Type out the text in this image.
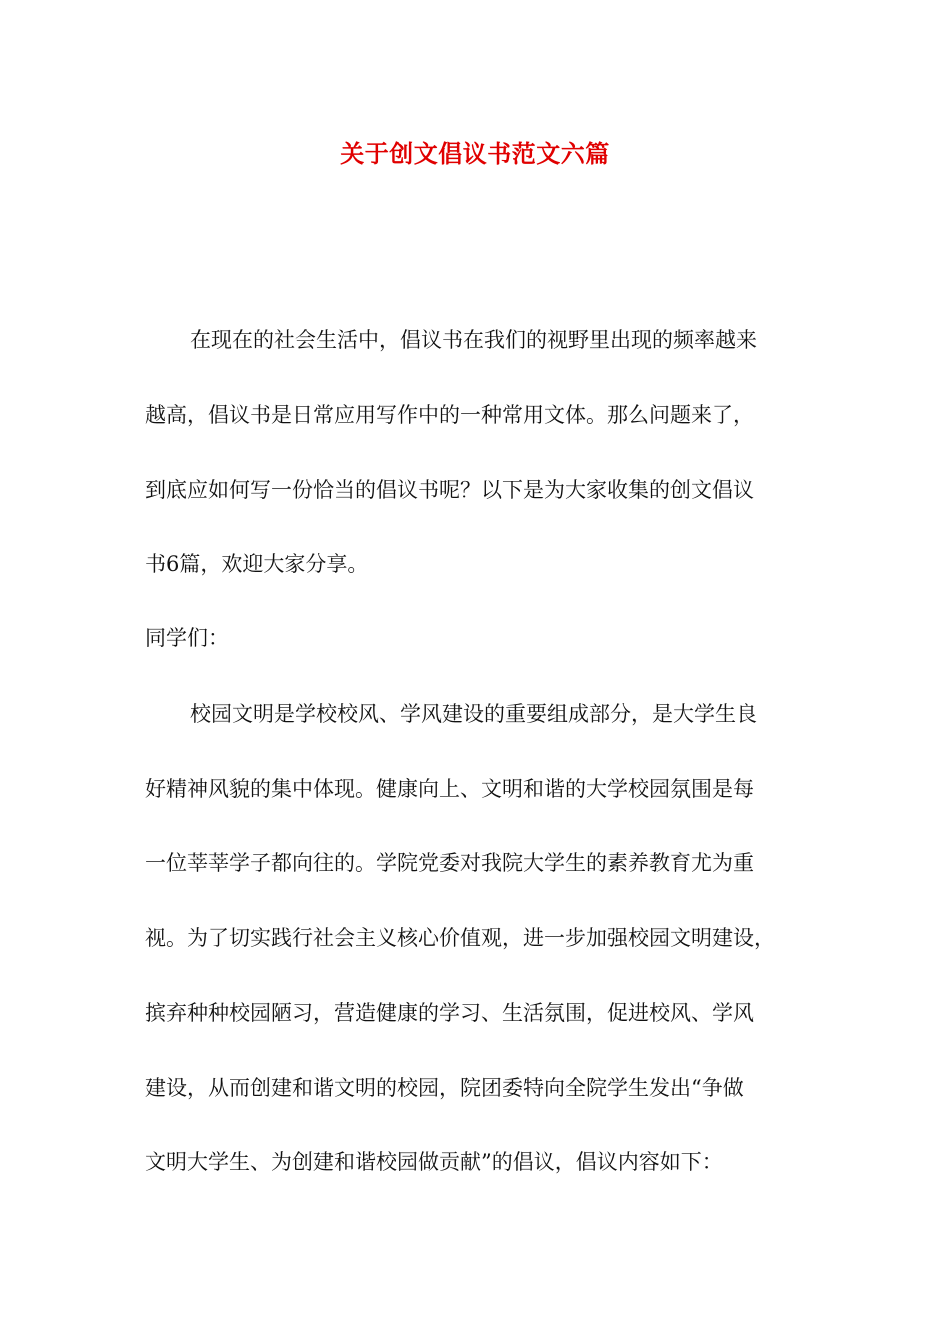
关于创文倡议书范文六篇
在现在的社会生活中，倡议书在我们的视野里出现的频率越来
越高，倡议书是日常应用写作中的一种常用文体。那么问题来了，
到底应如何写一份恰当的倡议书呢？以下是为大家收集的创文倡议
书6篇，欢迎大家分享。
同学们：
校园文明是学校校风、学风建设的重要组成部分，是大学生良
好精神风貌的集中体现。健康向上、文明和谐的大学校园氛围是每
一位莘莘学子都向往的。学院党委对我院大学生的素养教育尤为重
视。为了切实践行社会主义核心价值观，进一步加强校园文明建设，
摈弃种种校园陋习，营造健康的学习、生活氛围，促进校风、学风
建设，从而创建和谐文明的校园，院团委特向全院学生发出“争做
文明大学生、为创建和谐校园做贡献”的倡议，倡议内容如下：
